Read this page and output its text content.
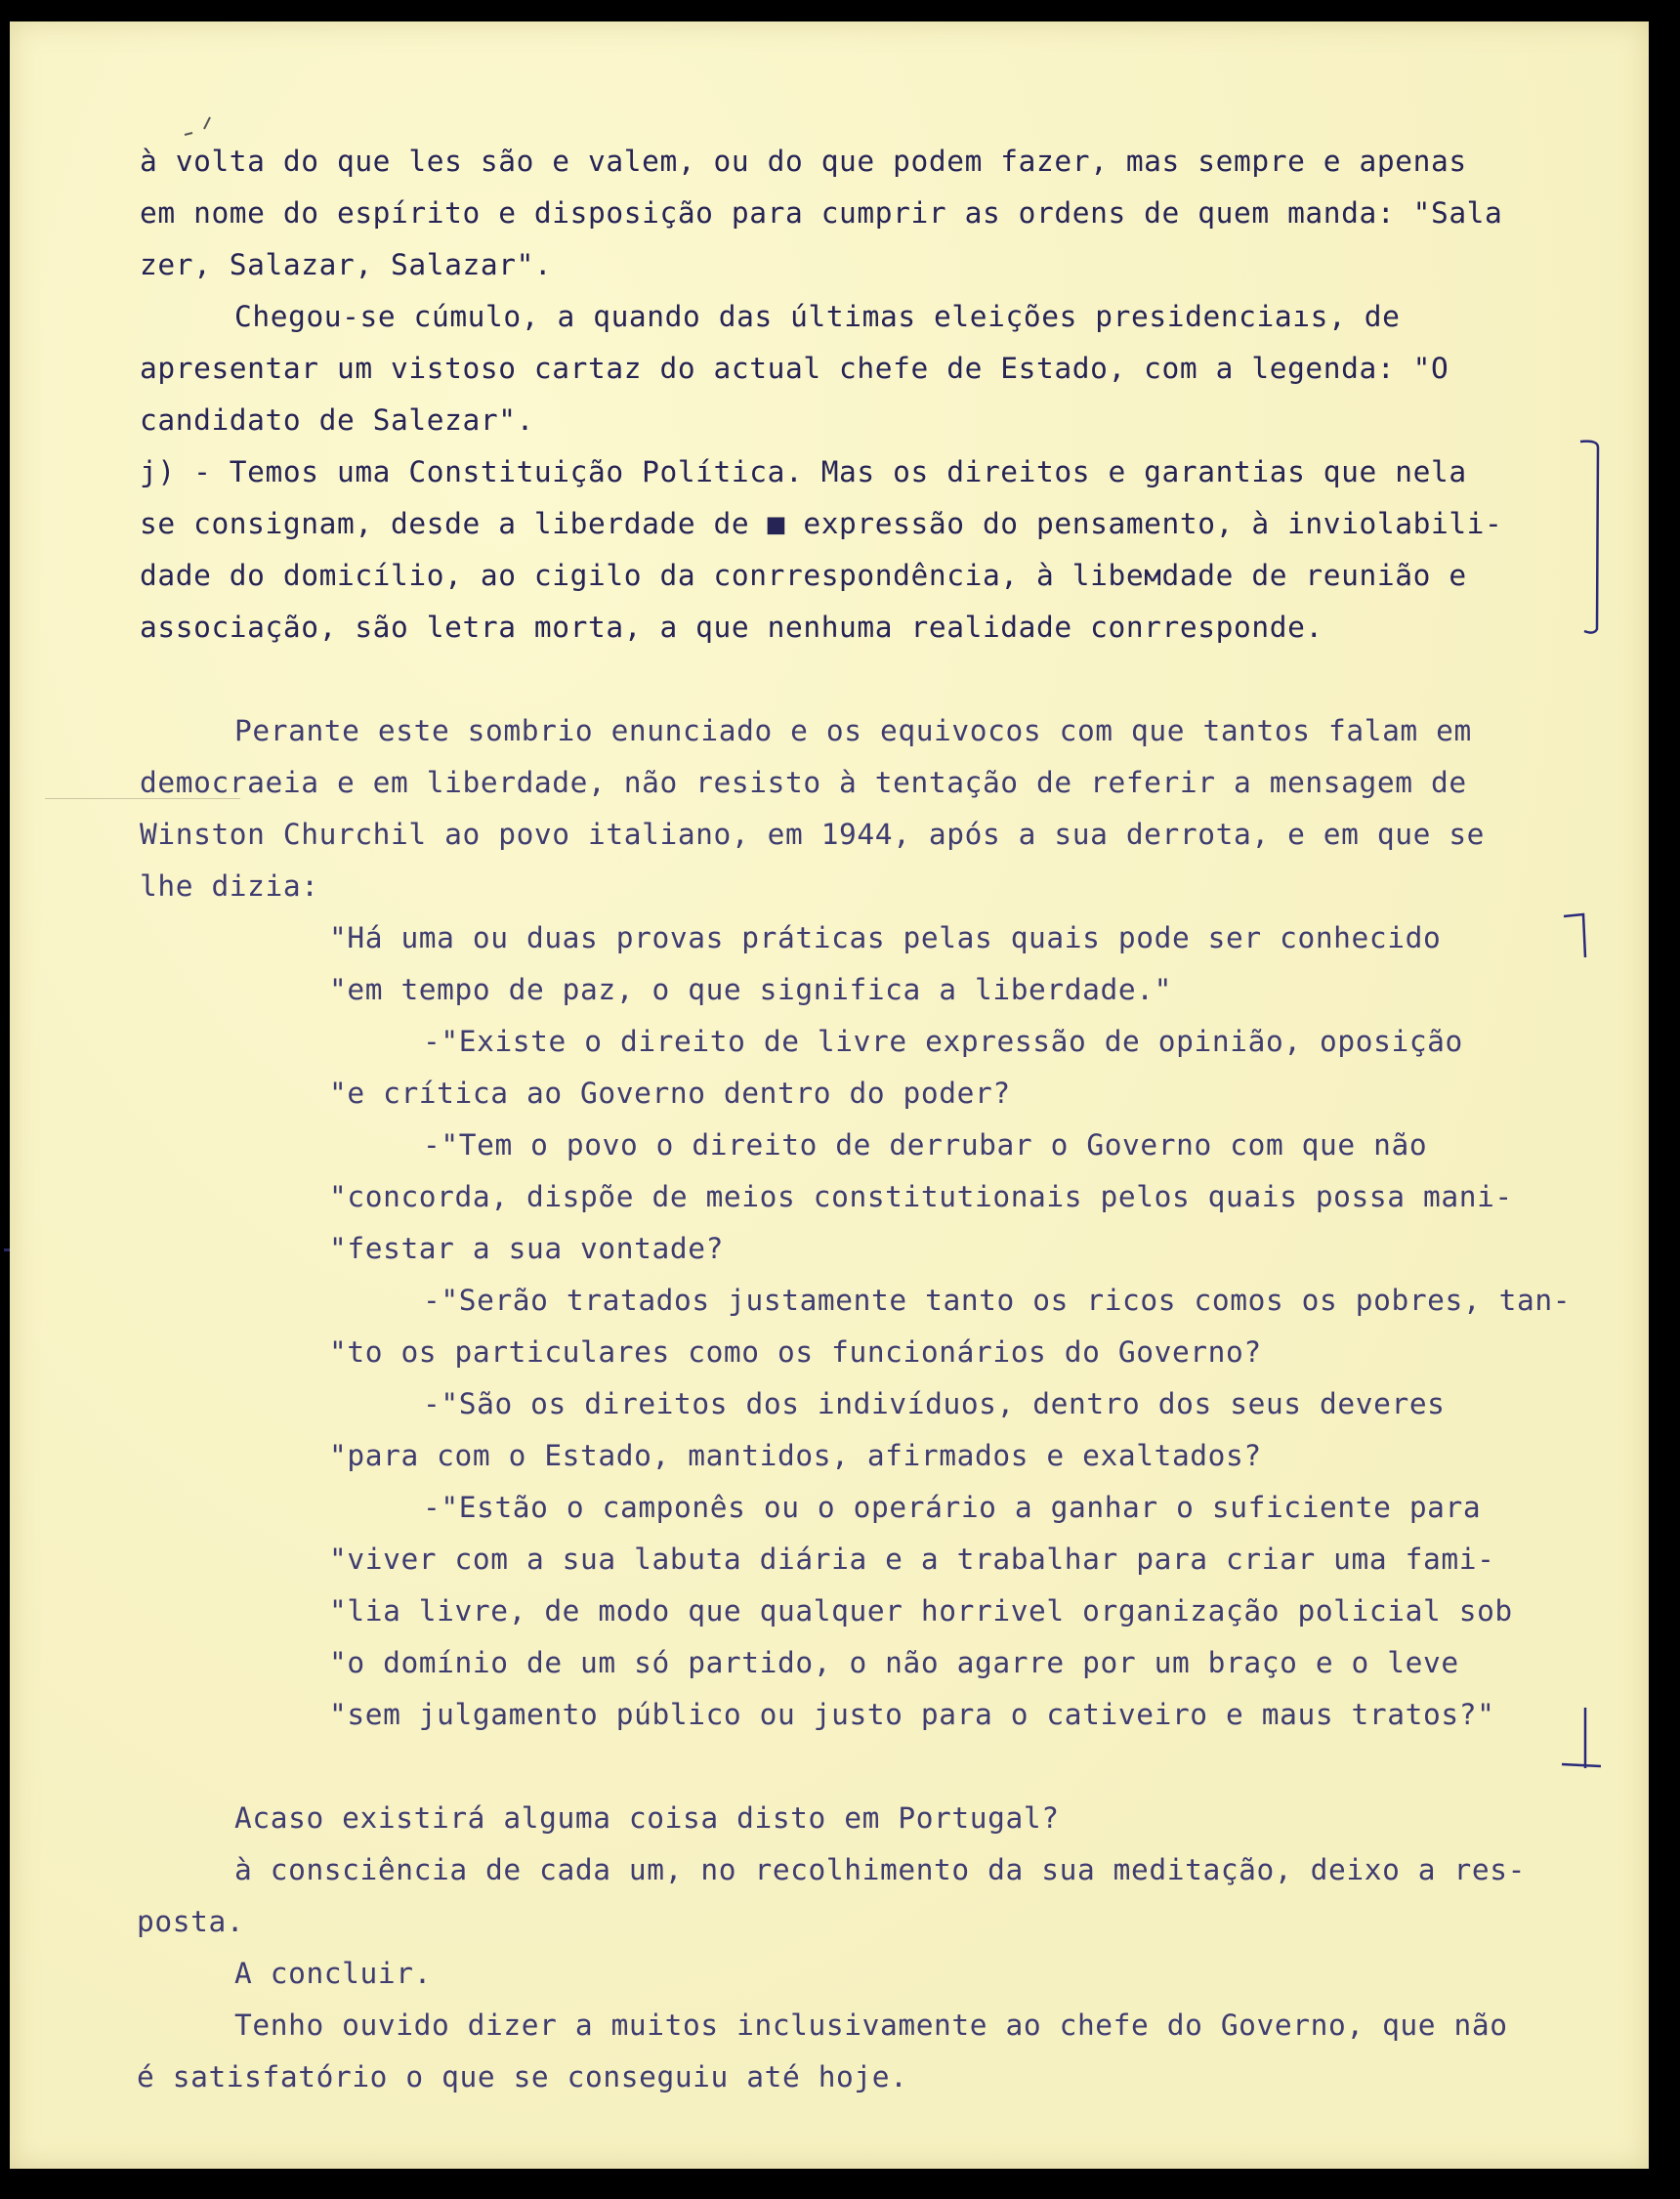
à volta do que les são e valem, ou do que podem fazer, mas sempre e apenas
em nome do espírito e disposição para cumprir as ordens de quem manda: "Sala
zer, Salazar, Salazar".
Chegou-se cúmulo, a quando das últimas eleições presidenciaıs, de
apresentar um vistoso cartaz do actual chefe de Estado, com a legenda: "O
candidato de Salezar".
j) - Temos uma Constituição Política. Mas os direitos e garantias que nela
se consignam, desde a liberdade de ■ expressão do pensamento, à inviolabili-
dade do domicílio, ao cigilo da conrrespondência, à libeмdade de reunião e
associação, são letra morta, a que nenhuma realidade conrresponde.
Perante este sombrio enunciado e os equivocos com que tantos falam em
democraeia e em liberdade, não resisto à tentação de referir a mensagem de
Winston Churchil ao povo italiano, em 1944, após a sua derrota, e em que se
lhe dizia:
"Há uma ou duas provas práticas pelas quais pode ser conhecido
"em tempo de paz, o que significa a liberdade."
-"Existe o direito de livre expressão de opinião, oposição
"e crítica ao Governo dentro do poder?
-"Tem o povo o direito de derrubar o Governo com que não
"concorda, dispõe de meios constitutionais pelos quais possa mani-
"festar a sua vontade?
-"Serão tratados justamente tanto os ricos comos os pobres, tan-
"to os particulares como os funcionários do Governo?
-"São os direitos dos indivíduos, dentro dos seus deveres
"para com o Estado, mantidos, afirmados e exaltados?
-"Estão o camponês ou o operário a ganhar o suficiente para
"viver com a sua labuta diária e a trabalhar para criar uma fami-
"lia livre, de modo que qualquer horrivel organização policial sob
"o domínio de um só partido, o não agarre por um braço e o leve
"sem julgamento público ou justo para o cativeiro e maus tratos?"
Acaso existirá alguma coisa disto em Portugal?
à consciência de cada um, no recolhimento da sua meditação, deixo a res-
posta.
A concluir.
Tenho ouvido dizer a muitos inclusivamente ao chefe do Governo, que não
é satisfatório o que se conseguiu até hoje.
